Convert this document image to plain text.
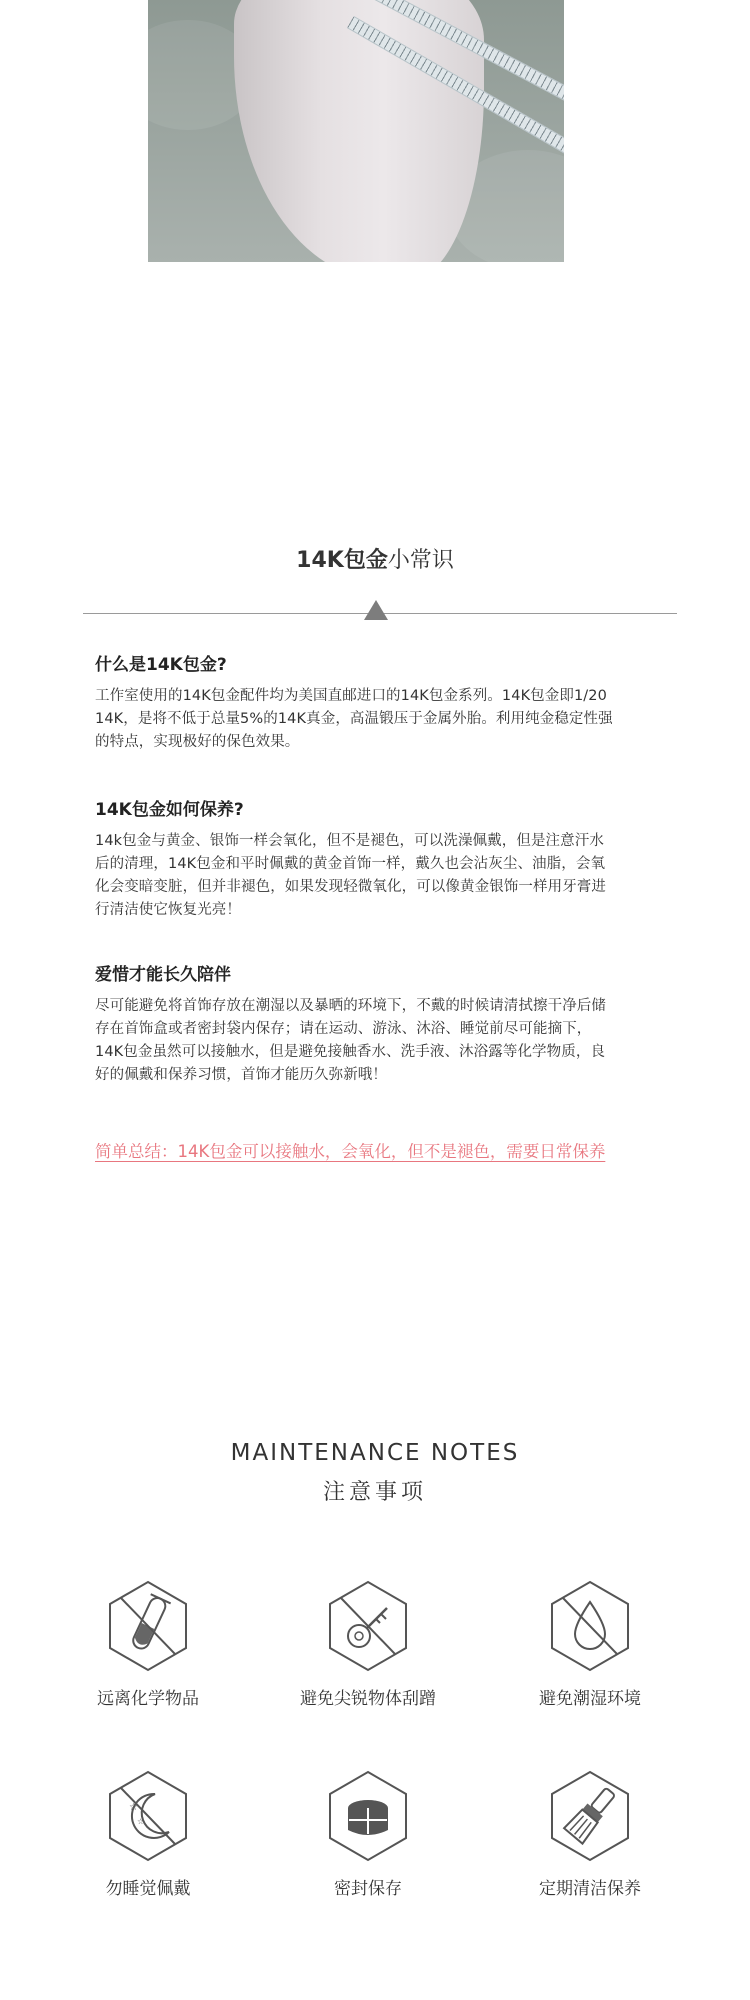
14K包金小常识
什么是14K包金?

工作室使用的14K包金配件均为美国直邮进口的14K包金系列。14K包金即1/20
14K，是将不低于总量5%的14K真金，高温锻压于金属外胎。利用纯金稳定性强
的特点，实现极好的保色效果。

14K包金如何保养?

14k包金与黄金、银饰一样会氧化，但不是褪色，可以洗澡佩戴，但是注意汗水
后的清理，14K包金和平时佩戴的黄金首饰一样，戴久也会沾灰尘、油脂，会氧
化会变暗变脏，但并非褪色，如果发现轻微氧化，可以像黄金银饰一样用牙膏进
行清洁使它恢复光亮！

爱惜才能长久陪伴

尽可能避免将首饰存放在潮湿以及暴晒的环境下，不戴的时候请清拭擦干净后储
存在首饰盒或者密封袋内保存；请在运动、游泳、沐浴、睡觉前尽可能摘下，
14K包金虽然可以接触水，但是避免接触香水、洗手液、沐浴露等化学物质，良
好的佩戴和保养习惯，首饰才能历久弥新哦！

简单总结：14K包金可以接触水，会氧化，但不是褪色，需要日常保养
MAINTENANCE NOTES
注意事项
远离化学物品	避免尖锐物体刮蹭	避免潮湿环境
☆
☆
勿睡觉佩戴	密封保存	定期清洁保养
